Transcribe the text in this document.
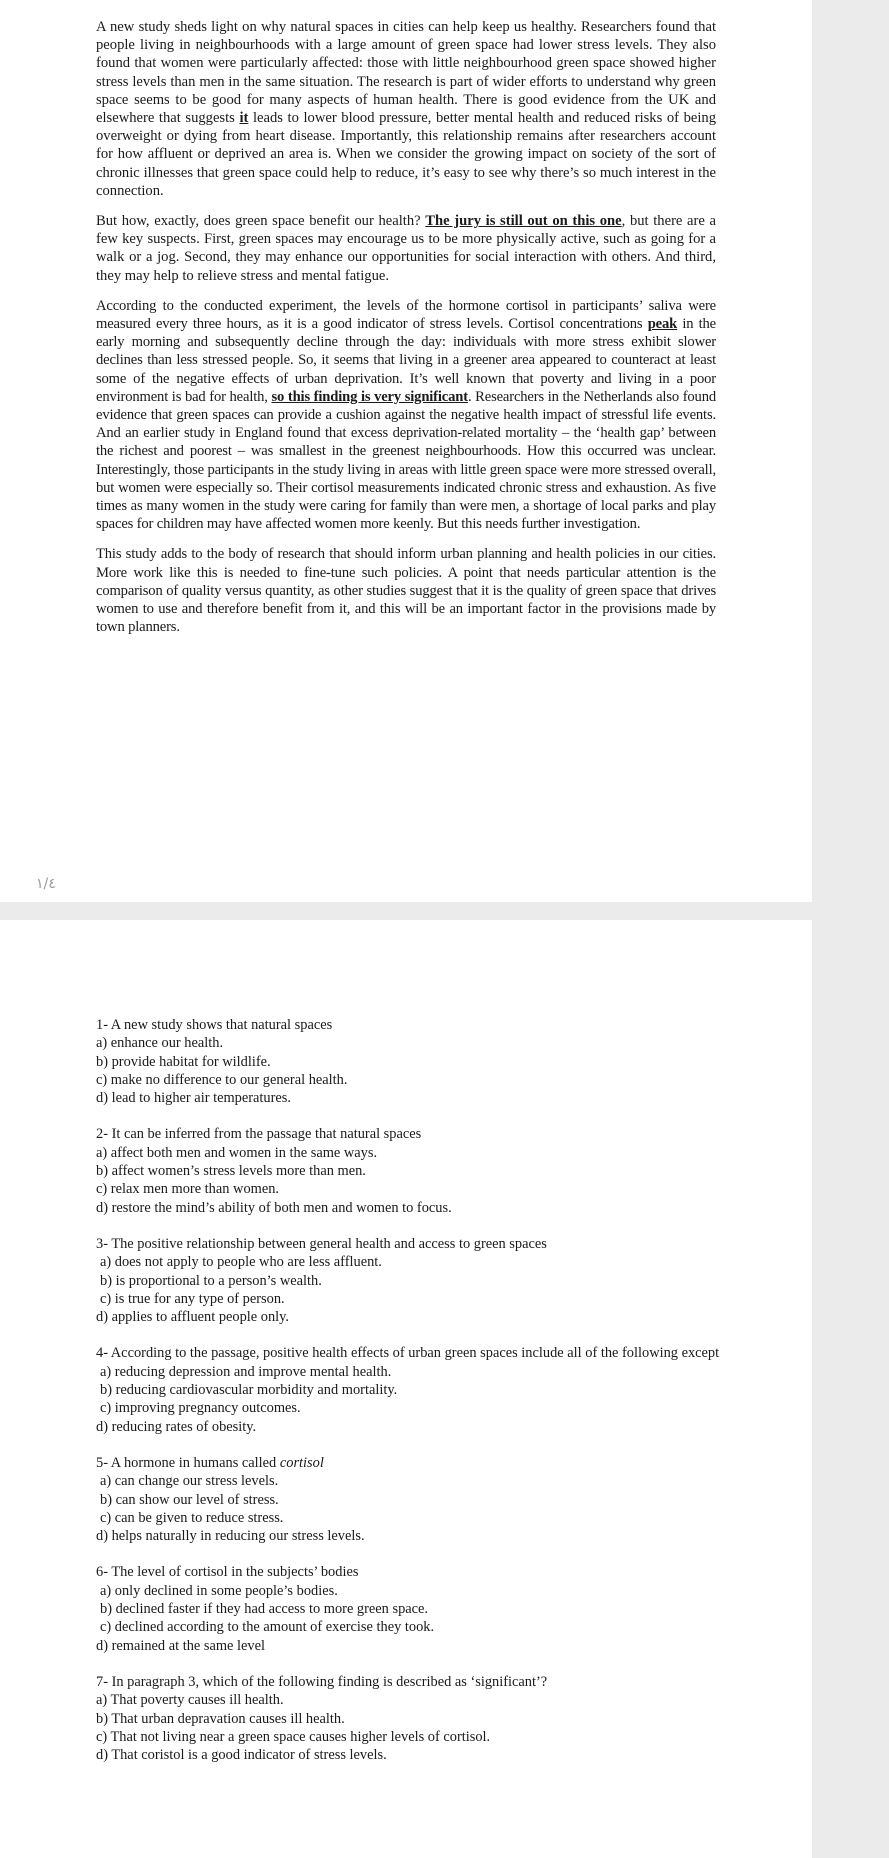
A new study sheds light on why natural spaces in cities can help keep us healthy. Researchers found that people living in neighbourhoods with a large amount of green space had lower stress levels. They also found that women were particularly affected: those with little neighbourhood green space showed higher stress levels than men in the same situation. The research is part of wider efforts to understand why green space seems to be good for many aspects of human health. There is good evidence from the UK and elsewhere that suggests it leads to lower blood pressure, better mental health and reduced risks of being overweight or dying from heart disease. Importantly, this relationship remains after researchers account for how affluent or deprived an area is. When we consider the growing impact on society of the sort of chronic illnesses that green space could help to reduce, it’s easy to see why there’s so much interest in the connection.

But how, exactly, does green space benefit our health? The jury is still out on this one, but there are a few key suspects. First, green spaces may encourage us to be more physically active, such as going for a walk or a jog. Second, they may enhance our opportunities for social interaction with others. And third, they may help to relieve stress and mental fatigue.

According to the conducted experiment, the levels of the hormone cortisol in participants’ saliva were measured every three hours, as it is a good indicator of stress levels. Cortisol concentrations peak in the early morning and subsequently decline through the day: individuals with more stress exhibit slower declines than less stressed people. So, it seems that living in a greener area appeared to counteract at least some of the negative effects of urban deprivation. It’s well known that poverty and living in a poor environment is bad for health, so this finding is very significant. Researchers in the Netherlands also found evidence that green spaces can provide a cushion against the negative health impact of stressful life events. And an earlier study in England found that excess deprivation-related mortality – the ‘health gap’ between the richest and poorest – was smallest in the greenest neighbourhoods. How this occurred was unclear. Interestingly, those participants in the study living in areas with little green space were more stressed overall, but women were especially so. Their cortisol measurements indicated chronic stress and exhaustion. As five times as many women in the study were caring for family than were men, a shortage of local parks and play spaces for children may have affected women more keenly. But this needs further investigation.

This study adds to the body of research that should inform urban planning and health policies in our cities. More work like this is needed to fine-tune such policies. A point that needs particular attention is the comparison of quality versus quantity, as other studies suggest that it is the quality of green space that drives women to use and therefore benefit from it, and this will be an important factor in the provisions made by town planners.

١/٤
1- A new study shows that natural spaces
a) enhance our health.
b) provide habitat for wildlife.
c) make no difference to our general health.
d) lead to higher air temperatures.
2- It can be inferred from the passage that natural spaces
a) affect both men and women in the same ways.
b) affect women’s stress levels more than men.
c) relax men more than women.
d) restore the mind’s ability of both men and women to focus.
3- The positive relationship between general health and access to green spaces
a) does not apply to people who are less affluent.
b) is proportional to a person’s wealth.
c) is true for any type of person.
d) applies to affluent people only.
4- According to the passage, positive health effects of urban green spaces include all of the following except
a) reducing depression and improve mental health.
b) reducing cardiovascular morbidity and mortality.
c) improving pregnancy outcomes.
d) reducing rates of obesity.
5- A hormone in humans called cortisol
a) can change our stress levels.
b) can show our level of stress.
c) can be given to reduce stress.
d) helps naturally in reducing our stress levels.
6- The level of cortisol in the subjects’ bodies
a) only declined in some people’s bodies.
b) declined faster if they had access to more green space.
c) declined according to the amount of exercise they took.
d) remained at the same level
7- In paragraph 3, which of the following finding is described as ‘significant’?
a) That poverty causes ill health.
b) That urban depravation causes ill health.
c) That not living near a green space causes higher levels of cortisol.
d) That coristol is a good indicator of stress levels.
